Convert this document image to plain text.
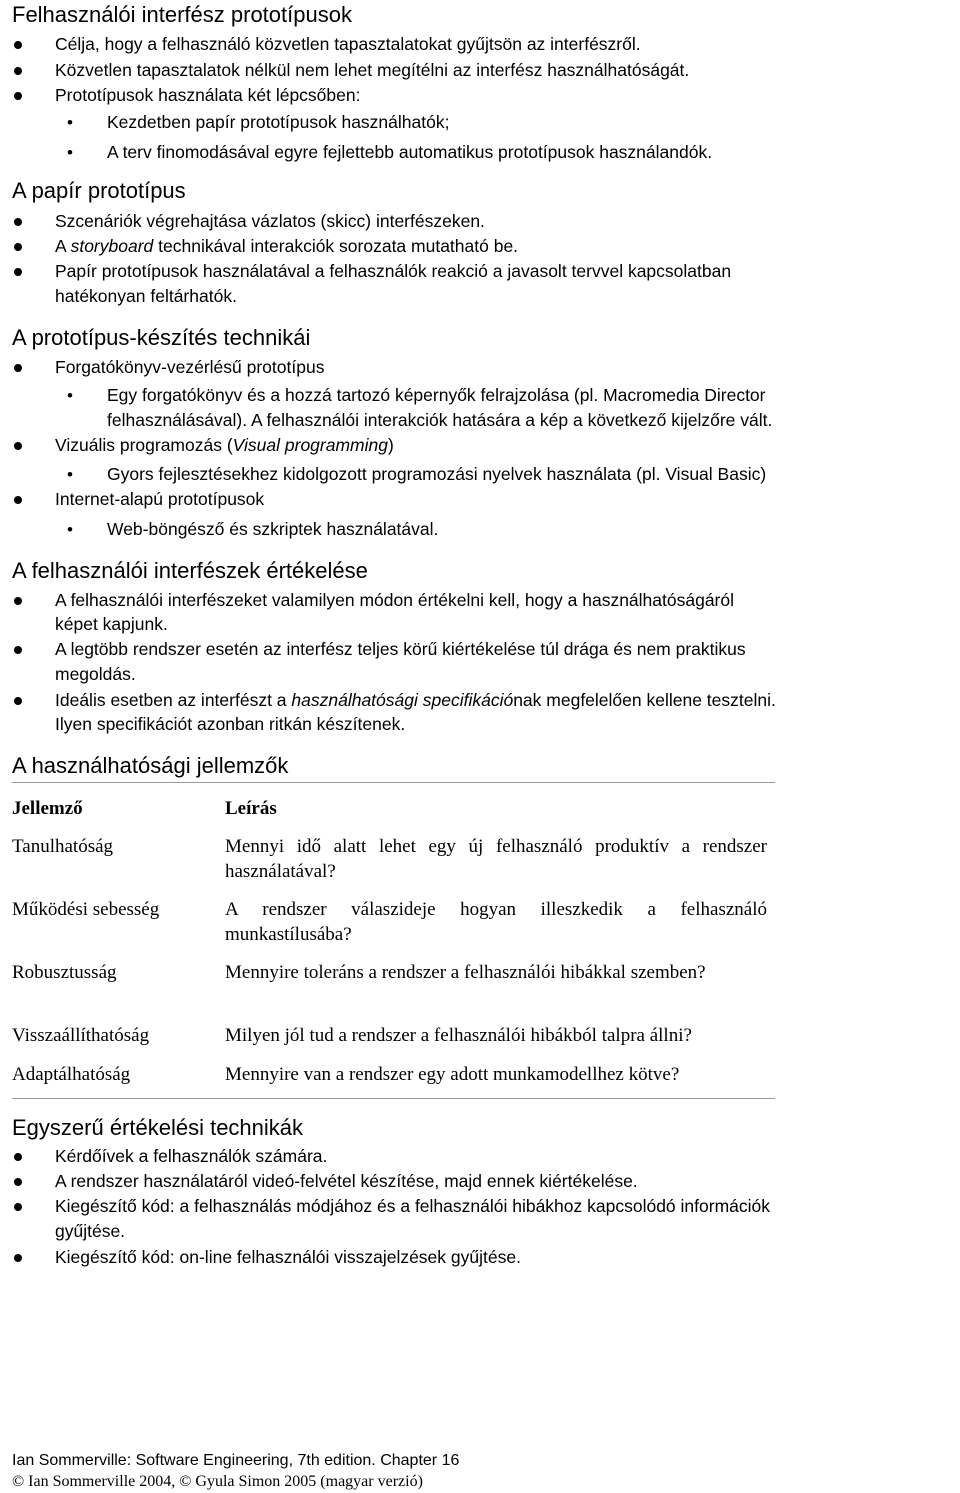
Felhasználói interfész prototípusok

Célja, hogy a felhasználó közvetlen tapasztalatokat gyűjtsön az interfészről.

Közvetlen tapasztalatok nélkül nem lehet megítélni az interfész használhatóságát.

Prototípusok használata két lépcsőben:

• Kezdetben papír prototípusok használhatók;

• A terv finomodásával egyre fejlettebb automatikus prototípusok használandók.

A papír prototípus

Szcenáriók végrehajtása vázlatos (skicc) interfészeken.

A storyboard technikával interakciók sorozata mutatható be.

Papír prototípusok használatával a felhasználók reakció a javasolt tervvel kapcsolatban

hatékonyan feltárhatók.

A prototípus-készítés technikái

Forgatókönyv-vezérlésű prototípus

• Egy forgatókönyv és a hozzá tartozó képernyők felrajzolása (pl. Macromedia Director

felhasználásával). A felhasználói interakciók hatására a kép a következő kijelzőre vált.

Vizuális programozás (Visual programming)

• Gyors fejlesztésekhez kidolgozott programozási nyelvek használata (pl. Visual Basic)

Internet-alapú prototípusok

• Web-böngésző és szkriptek használatával.

A felhasználói interfészek értékelése

A felhasználói interfészeket valamilyen módon értékelni kell, hogy a használhatóságáról

képet kapjunk.

A legtöbb rendszer esetén az interfész teljes körű kiértékelése túl drága és nem praktikus

megoldás.

Ideális esetben az interfészt a használhatósági specifikációnak megfelelően kellene tesztelni.

Ilyen specifikációt azonban ritkán készítenek.

A használhatósági jellemzők
Jellemző	Leírás
Tanulhatóság	Mennyi idő alatt lehet egy új felhasználó produktív a rendszer használatával?
Működési sebesség	A rendszer válaszideje hogyan illeszkedik a felhasználó munkastílusába?
Robusztusság	Mennyire toleráns a rendszer a felhasználói hibákkal szemben?
Visszaállíthatóság	Milyen jól tud a rendszer a felhasználói hibákból talpra állni?
Adaptálhatóság	Mennyire van a rendszer egy adott munkamodellhez kötve?
Egyszerű értékelési technikák

Kérdőívek a felhasználók számára.

A rendszer használatáról videó-felvétel készítése, majd ennek kiértékelése.

Kiegészítő kód: a felhasználás módjához és a felhasználói hibákhoz kapcsolódó információk

gyűjtése.

Kiegészítő kód: on-line felhasználói visszajelzések gyűjtése.

Ian Sommerville: Software Engineering, 7th edition. Chapter 16
© Ian Sommerville 2004, © Gyula Simon 2005 (magyar verzió)
